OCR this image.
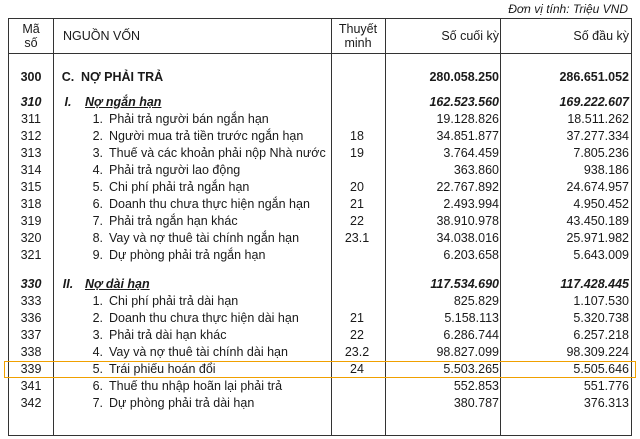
Đơn vị tính: Triệu VND
Mã
số	NGUỒN VỐN	Thuyết
minh	Số cuối kỳ	Số đầu kỳ
300	C. NỢ PHẢI TRẢ	280.058.250	286.651.052
310	I.	Nợ ngắn hạn	162.523.560	169.222.607
311	1. Phải trả người bán ngắn hạn	19.128.826	18.511.262
312	2. Người mua trả tiền trước ngắn hạn	18	34.851.877	37.277.334
313	3. Thuế và các khoản phải nộp Nhà nước	19	3.764.459	7.805.236
314	4. Phải trả người lao động	363.860	938.186
315	5. Chi phí phải trả ngắn hạn	20	22.767.892	24.674.957
318	6. Doanh thu chưa thực hiện ngắn hạn	21	2.493.994	4.950.452
319	7. Phải trả ngắn hạn khác	22	38.910.978	43.450.189
320	8. Vay và nợ thuê tài chính ngắn hạn	23.1	34.038.016	25.971.982
321	9. Dự phòng phải trả ngắn hạn	6.203.658	5.643.009
330	II. Nợ dài hạn	117.534.690	117.428.445
333	1. Chi phí phải trả dài hạn	825.829	1.107.530
336	2. Doanh thu chưa thực hiện dài hạn	21	5.158.113	5.320.738
337	3. Phải trả dài hạn khác	22	6.286.744	6.257.218
338	4. Vay và nợ thuê tài chính dài hạn	23.2	98.827.099	98.309.224
339	5. Trái phiếu hoán đổi	24	5.503.265	5.505.646
341	6. Thuế thu nhập hoãn lại phải trả	552.853	551.776
342	7. Dự phòng phải trả dài hạn	380.787	376.313
